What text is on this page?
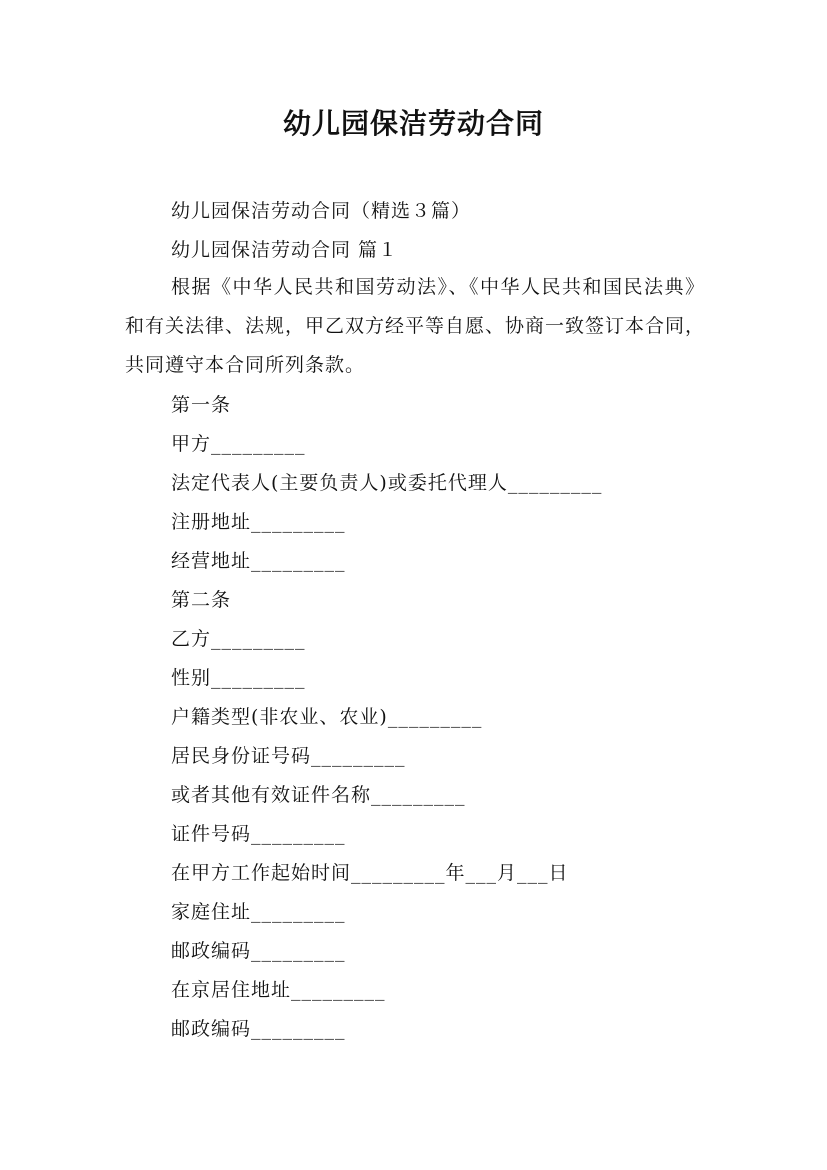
幼儿园保洁劳动合同
幼儿园保洁劳动合同（精选３篇）
幼儿园保洁劳动合同 篇１
根据《中华人民共和国劳动法》、《中华人民共和国民法典》和有关法律、法规，甲乙双方经平等自愿、协商一致签订本合同，共同遵守本合同所列条款。
第一条
甲方_________
法定代表人(主要负责人)或委托代理人_________
注册地址_________
经营地址_________
第二条
乙方_________
性别_________
户籍类型(非农业、农业)_________
居民身份证号码_________
或者其他有效证件名称_________
证件号码_________
在甲方工作起始时间_________年___月___日
家庭住址_________
邮政编码_________
在京居住地址_________
邮政编码_________
